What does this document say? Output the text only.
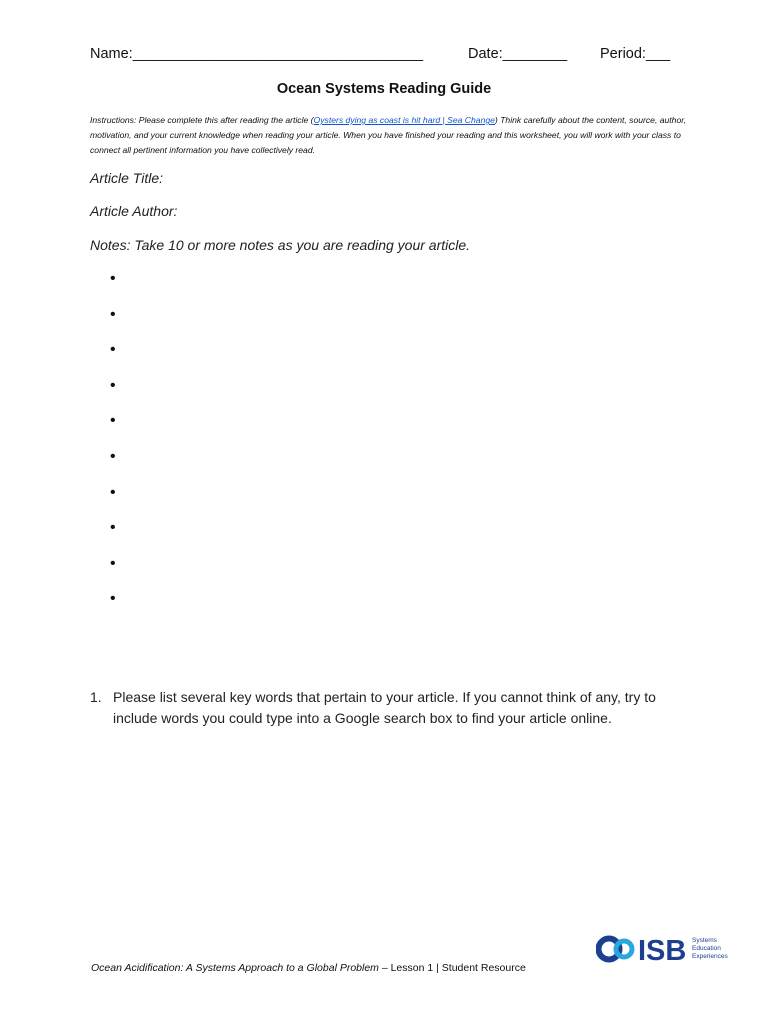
Name:____________________________________	Date:________ Period:___
Ocean Systems Reading Guide
Instructions: Please complete this after reading the article (Oysters dying as coast is hit hard | Sea Change) Think carefully about the content, source, author, motivation, and your current knowledge when reading your article. When you have finished your reading and this worksheet, you will work with your class to connect all pertinent information you have collectively read.
Article Title:
Article Author:
Notes: Take 10 or more notes as you are reading your article.
•
•
•
•
•
•
•
•
•
•
1. Please list several key words that pertain to your article. If you cannot think of any, try to include words you could type into a Google search box to find your article online.
Ocean Acidification: A Systems Approach to a Global Problem – Lesson 1 | Student Resource
ISB Systems
Education
Experiences
